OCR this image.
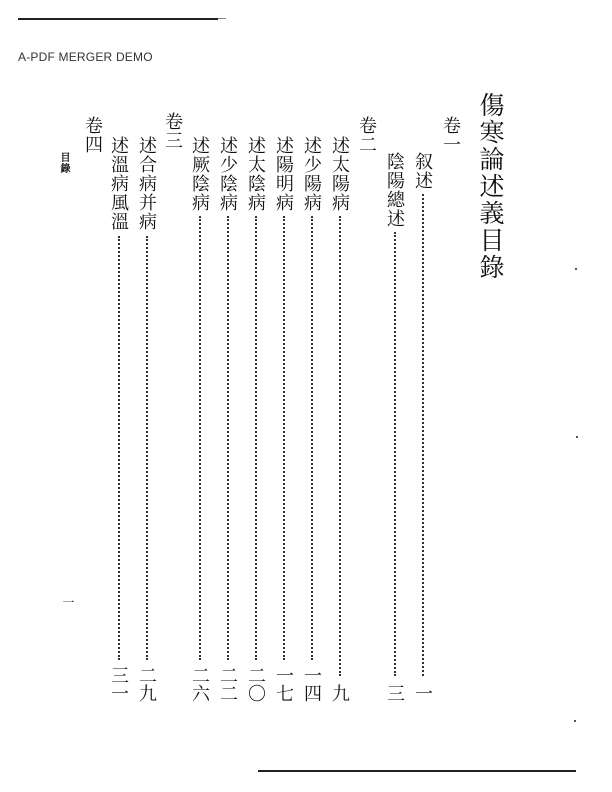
A-PDF MERGER DEMO
傷寒論述義目錄
卷一
叙述
一
陰陽總述
三
卷二
述太陽病
九
述少陽病
一四
述陽明病
一七
述太陰病
二〇
述少陰病
二二
述厥陰病
二六
卷三
述合病并病
二九
卷四
述溫病風溫
三一
目錄
一
